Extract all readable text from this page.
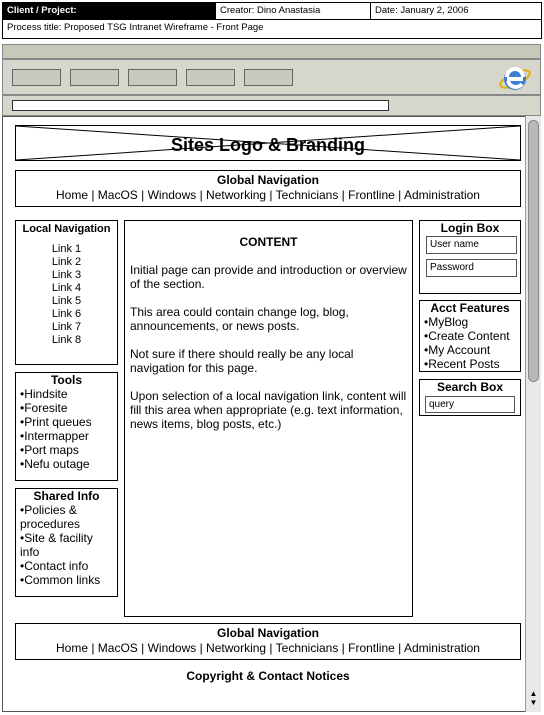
Client / Project:	Creator: Dino Anastasia	Date: January 2, 2006
Process title: Proposed TSG Intranet Wireframe - Front Page
Sites Logo & Branding
Global Navigation
Home | MacOS | Windows | Networking | Technicians | Frontline | Administration
Local Navigation
Link 1
Link 2
Link 3
Link 4
Link 5
Link 6
Link 7
Link 8
Tools
• Hindsite
• Foresite
• Print queues
• Intermapper
• Port maps
• Nefu outage
Shared Info
• Policies & procedures
• Site & facility info
• Contact info
• Common links
CONTENT

Initial page can provide and introduction or overview of the section.

This area could contain change log, blog, announcements, or news posts.

Not sure if there should really be any local navigation for this page.

Upon selection of a local navigation link, content will fill this area when appropriate (e.g. text information, news items, blog posts, etc.)

Login Box
User name
Password
Acct Features
• MyBlog
• Create Content
• My Account
• Recent Posts
Search Box
query
Global Navigation
Home | MacOS | Windows | Networking | Technicians | Frontline | Administration
Copyright & Contact Notices
▲
▼
